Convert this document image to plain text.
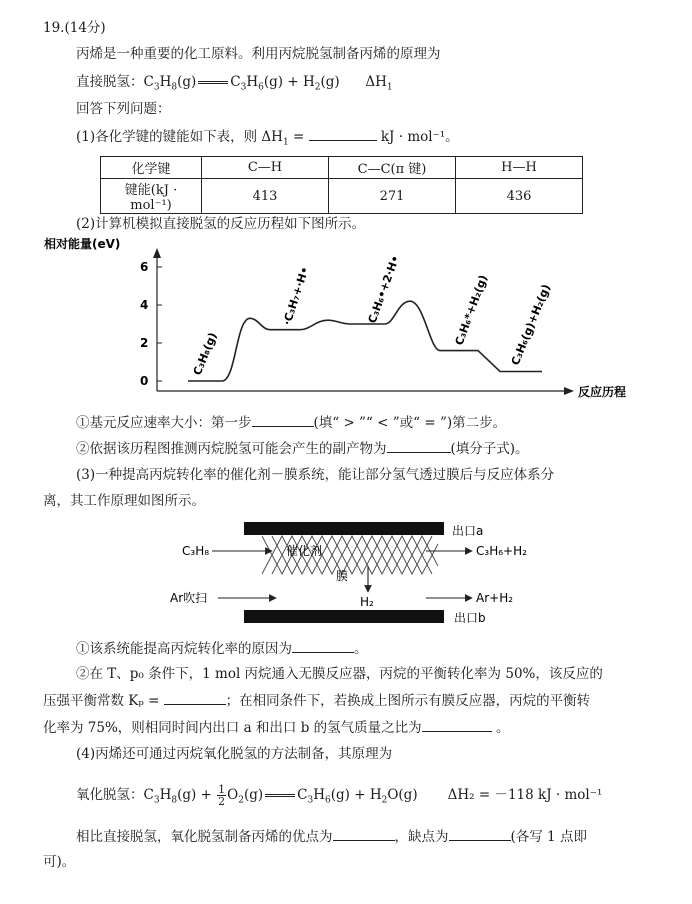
19.(14分)
丙烯是一种重要的化工原料。利用丙烷脱氢制备丙烯的原理为
直接脱氢：$C_3H_8(g)$	$C_3H_6(g) + H_2(g)$      $\Delta H_1$
回答下列问题：
(1)各化学键的键能如下表，则 $\Delta H_1$ =	kJ · mol⁻¹。
化学键	C—H	C—C(π 键)	H—H
键能(kJ · mol⁻¹)	413	271	436
(2)计算机模拟直接脱氢的反应历程如下图所示。
相对能量(eV)
0
2
4
6
反应历程
C₃H₈(g)
·C₃H₇+·H•	C₃H₆•+2·H•	C₃H₆*+H₂(g) C₃H₆(g)+H₂(g)
①基元反应速率大小：第一步	(填“ > ”“ < ”或“ = ”)第二步。
②依据该历程图推测丙烷脱氢可能会产生的副产物为	(填分子式)。
(3)一种提高丙烷转化率的催化剂－膜系统，能让部分氢气透过膜后与反应体系分
离，其工作原理如图所示。
C₃H₈	催化剂
出口a
C₃H₆+H₂
膜
H₂
Ar吹扫	Ar+H₂
出口b
①该系统能提高丙烷转化率的原因为	。
②在 T、p₀ 条件下，1 mol 丙烷通入无膜反应器，丙烷的平衡转化率为 50%，该反应的
压强平衡常数 Kₚ =	；在相同条件下，若换成上图所示有膜反应器，丙烷的平衡转
化率为 75%，则相同时间内出口 a 和出口 b 的氢气质量之比为	。
(4)丙烯还可通过丙烷氧化脱氢的方法制备，其原理为
氧化脱氢：$C_3H_8(g) + \frac{1}{2} O_2(g)$	$C_3H_6(g) + H_2O(g)$       ΔH₂ = －118 kJ · mol⁻¹
相比直接脱氢，氧化脱氢制备丙烯的优点为	，缺点为	(各写 1 点即
可)。
